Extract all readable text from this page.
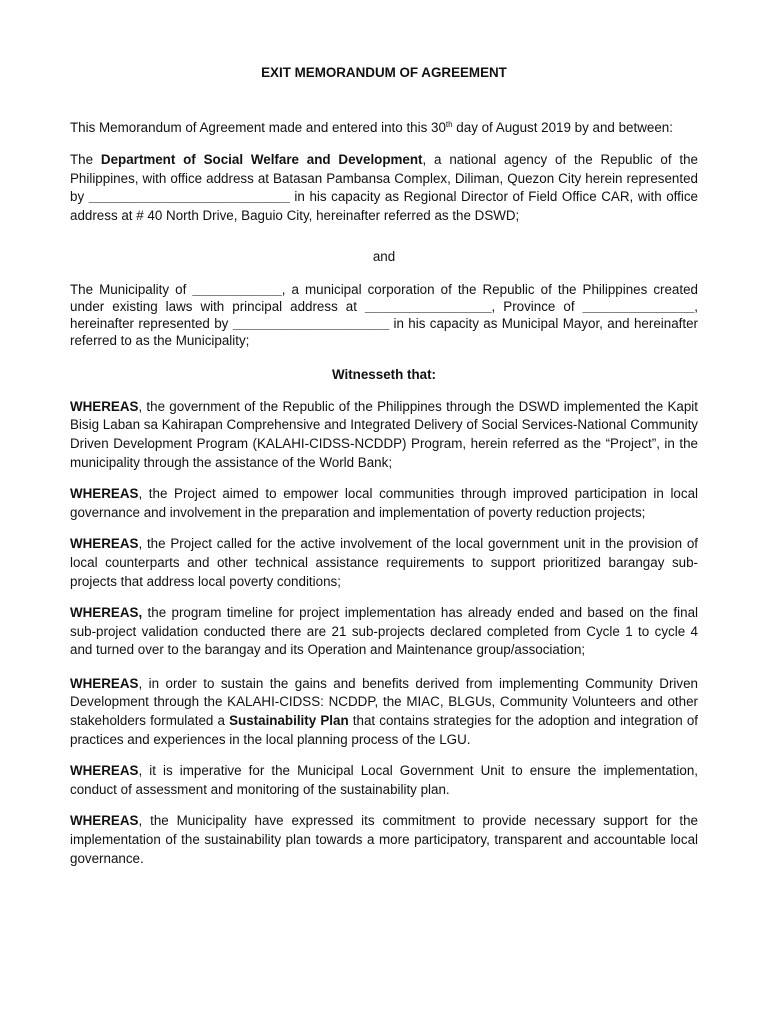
EXIT MEMORANDUM OF AGREEMENT

This Memorandum of Agreement made and entered into this 30th day of August 2019 by and between:

The Department of Social Welfare and Development, a national agency of the Republic of the Philippines, with office address at Batasan Pambansa Complex, Diliman, Quezon City herein represented by ___________________________ in his capacity as Regional Director of Field Office CAR, with office address at # 40 North Drive, Baguio City, hereinafter referred as the DSWD;

and

The Municipality of ____________, a municipal corporation of the Republic of the Philippines created under existing laws with principal address at _________________, Province of _______________, hereinafter represented by _____________________ in his capacity as Municipal Mayor, and hereinafter referred to as the Municipality;

Witnesseth that:

WHEREAS, the government of the Republic of the Philippines through the DSWD implemented the Kapit Bisig Laban sa Kahirapan Comprehensive and Integrated Delivery of Social Services-National Community Driven Development Program (KALAHI-CIDSS-NCDDP) Program, herein referred as the “Project”, in the municipality through the assistance of the World Bank;

WHEREAS, the Project aimed to empower local communities through improved participation in local governance and involvement in the preparation and implementation of poverty reduction projects;

WHEREAS, the Project called for the active involvement of the local government unit in the provision of local counterparts and other technical assistance requirements to support prioritized barangay sub-projects that address local poverty conditions;

WHEREAS, the program timeline for project implementation has already ended and based on the final sub-project validation conducted there are 21 sub-projects declared completed from Cycle 1 to cycle 4 and turned over to the barangay and its Operation and Maintenance group/association;

WHEREAS, in order to sustain the gains and benefits derived from implementing Community Driven Development through the KALAHI-CIDSS: NCDDP, the MIAC, BLGUs, Community Volunteers and other stakeholders formulated a Sustainability Plan that contains strategies for the adoption and integration of practices and experiences in the local planning process of the LGU.

WHEREAS, it is imperative for the Municipal Local Government Unit to ensure the implementation, conduct of assessment and monitoring of the sustainability plan.

WHEREAS, the Municipality have expressed its commitment to provide necessary support for the implementation of the sustainability plan towards a more participatory, transparent and accountable local governance.
